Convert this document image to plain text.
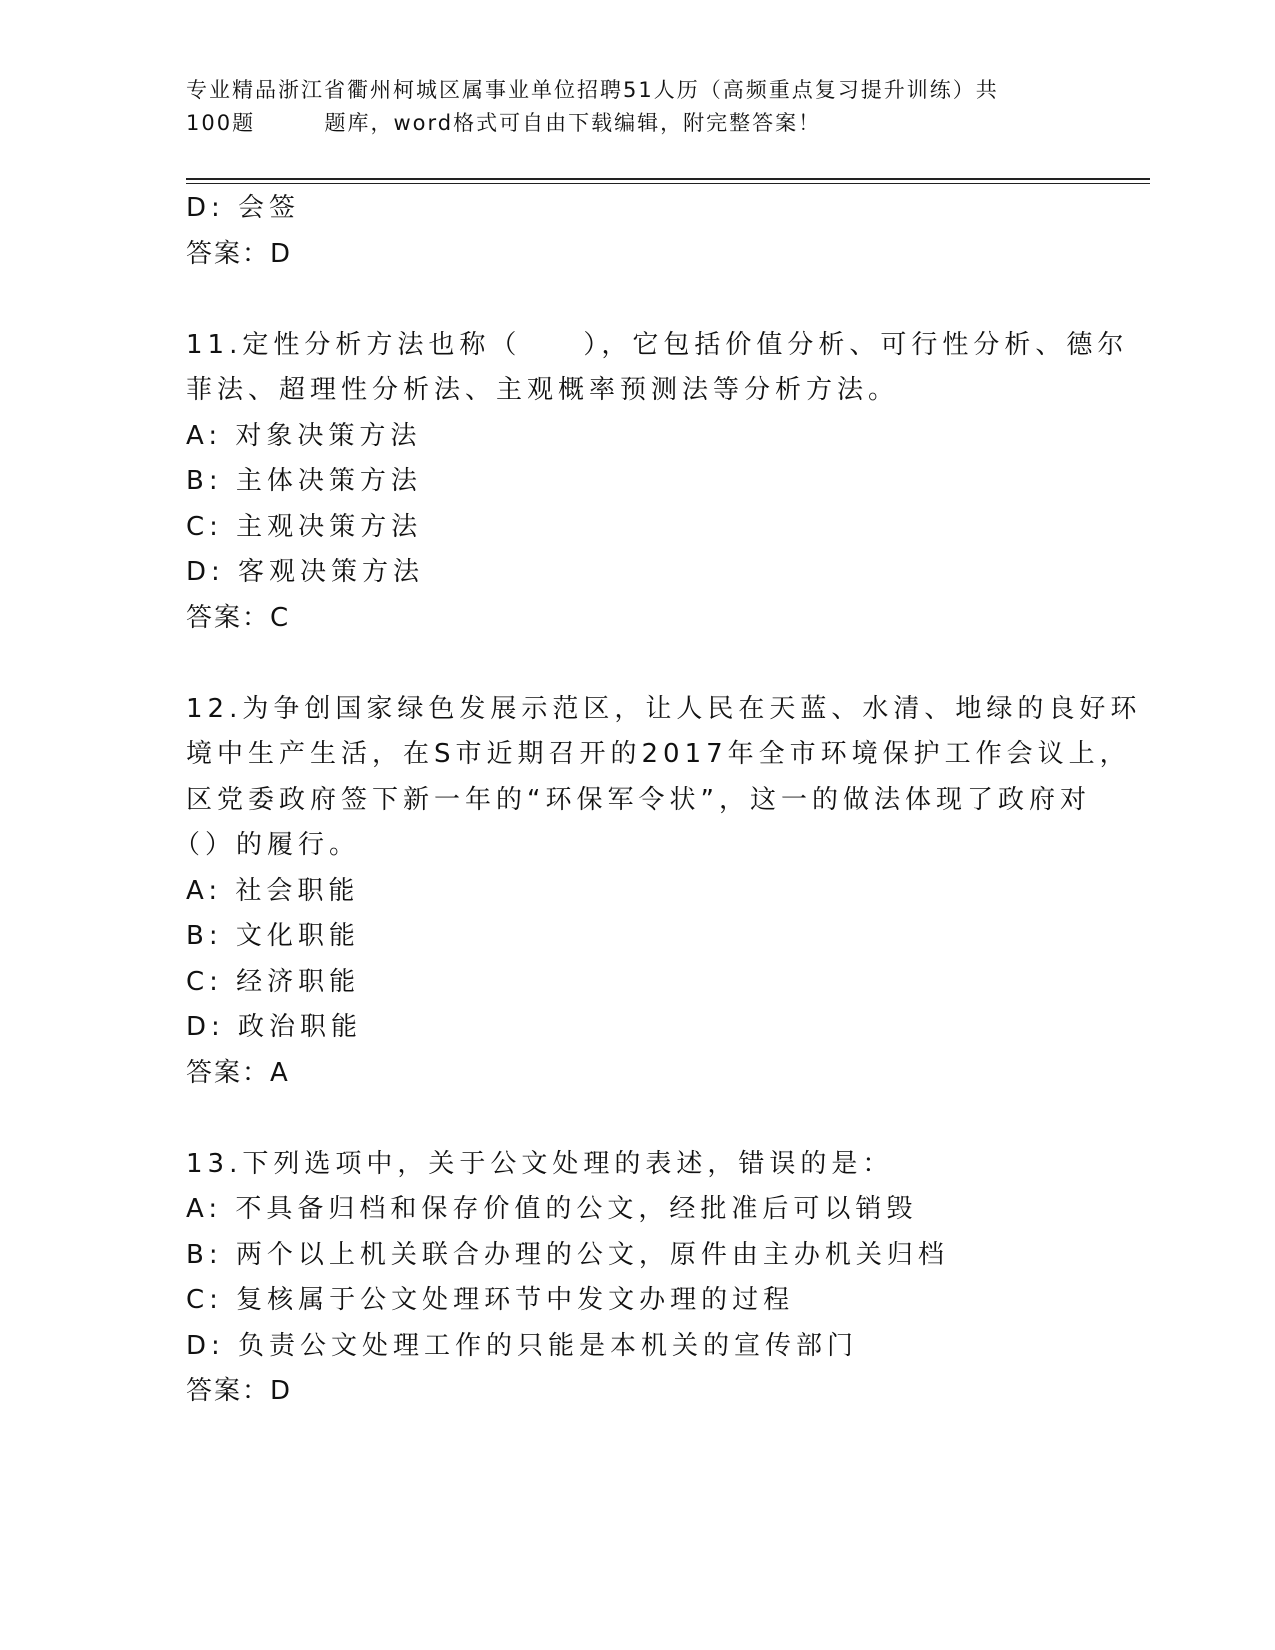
专业精品浙江省衢州柯城区属事业单位招聘51人历（高频重点复习提升训练）共
100题        题库，word格式可自由下载编辑，附完整答案！
D: 会签
答案：D
11.定性分析方法也称（　　），它包括价值分析、可行性分析、德尔
菲法、超理性分析法、主观概率预测法等分析方法。
A: 对象决策方法
B: 主体决策方法
C: 主观决策方法
D: 客观决策方法
答案：C
12.为争创国家绿色发展示范区，让人民在天蓝、水清、地绿的良好环
境中生产生活，在S市近期召开的2017年全市环境保护工作会议上，
区党委政府签下新一年的“环保军令状”，这一的做法体现了政府对
（）的履行。
A: 社会职能
B: 文化职能
C: 经济职能
D: 政治职能
答案：A
13.下列选项中，关于公文处理的表述，错误的是：
A: 不具备归档和保存价值的公文，经批准后可以销毁
B: 两个以上机关联合办理的公文，原件由主办机关归档
C: 复核属于公文处理环节中发文办理的过程
D: 负责公文处理工作的只能是本机关的宣传部门
答案：D
